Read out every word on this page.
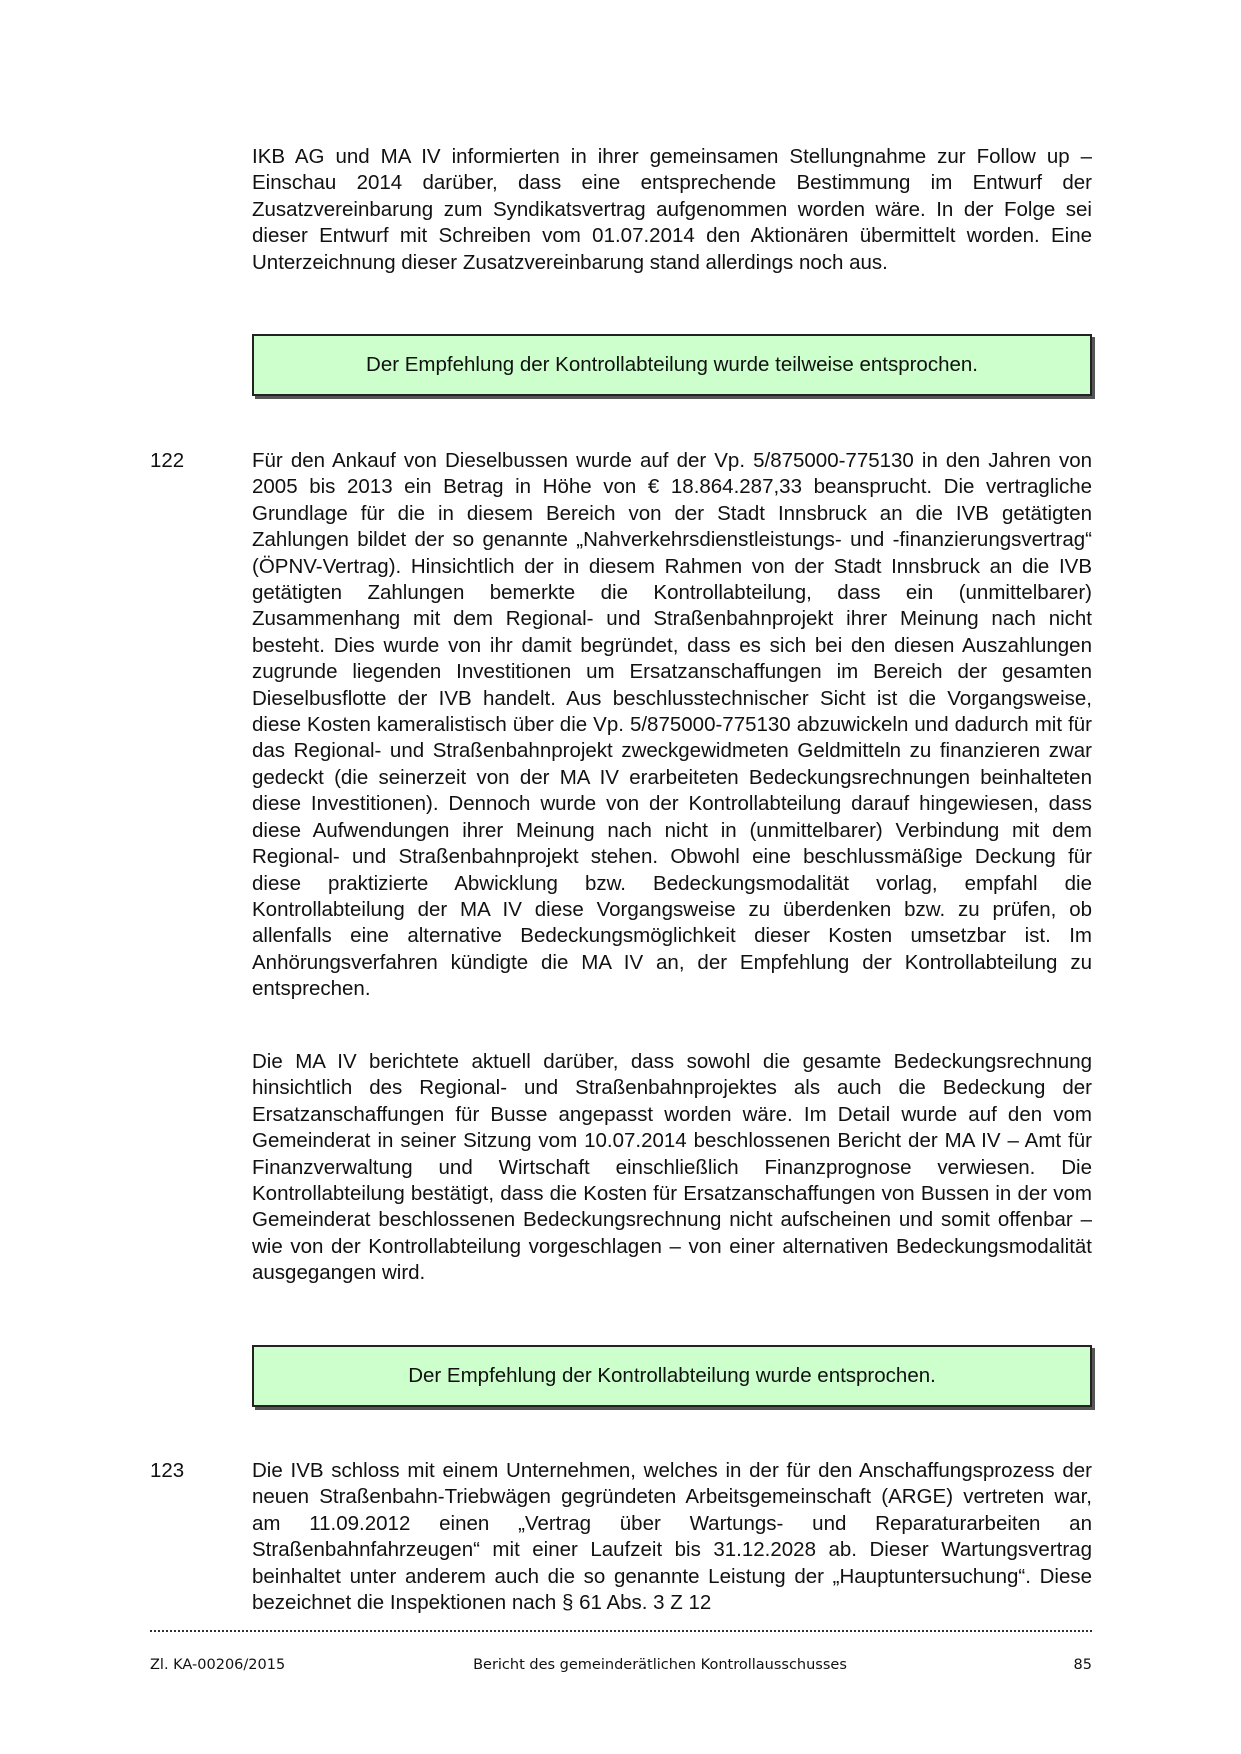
IKB AG und MA IV informierten in ihrer gemeinsamen Stellungnahme zur Follow up – Einschau 2014 darüber, dass eine entsprechende Bestimmung im Entwurf der Zusatzvereinbarung zum Syndikatsvertrag aufgenommen worden wäre. In der Folge sei dieser Entwurf mit Schreiben vom 01.07.2014 den Aktionären übermittelt worden. Eine Unterzeichnung dieser Zusatzvereinbarung stand allerdings noch aus.
Der Empfehlung der Kontrollabteilung wurde teilweise entsprochen.
122	Für den Ankauf von Dieselbussen wurde auf der Vp. 5/875000-775130 in den Jahren von 2005 bis 2013 ein Betrag in Höhe von € 18.864.287,33 beansprucht. Die vertragliche Grundlage für die in diesem Bereich von der Stadt Innsbruck an die IVB getätigten Zahlungen bildet der so genannte „Nahverkehrsdienstleistungs- und -finanzierungsvertrag“ (ÖPNV-Vertrag). Hinsichtlich der in diesem Rahmen von der Stadt Innsbruck an die IVB getätigten Zahlungen bemerkte die Kontrollabteilung, dass ein (unmittelbarer) Zusammenhang mit dem Regional- und Straßenbahnprojekt ihrer Meinung nach nicht besteht. Dies wurde von ihr damit begründet, dass es sich bei den diesen Auszahlungen zugrunde liegenden Investitionen um Ersatzanschaffungen im Bereich der gesamten Dieselbusflotte der IVB handelt. Aus beschlusstechnischer Sicht ist die Vorgangsweise, diese Kosten kameralistisch über die Vp. 5/875000-775130 abzuwickeln und dadurch mit für das Regional- und Straßenbahnprojekt zweckgewidmeten Geldmitteln zu finanzieren zwar gedeckt (die seinerzeit von der MA IV erarbeiteten Bedeckungsrechnungen beinhalteten diese Investitionen). Dennoch wurde von der Kontrollabteilung darauf hingewiesen, dass diese Aufwendungen ihrer Meinung nach nicht in (unmittelbarer) Verbindung mit dem Regional- und Straßenbahnprojekt stehen. Obwohl eine beschlussmäßige Deckung für diese praktizierte Abwicklung bzw. Bedeckungsmodalität vorlag, empfahl die Kontrollabteilung der MA IV diese Vorgangsweise zu überdenken bzw. zu prüfen, ob allenfalls eine alternative Bedeckungsmöglichkeit dieser Kosten umsetzbar ist. Im Anhörungsverfahren kündigte die MA IV an, der Empfehlung der Kontrollabteilung zu entsprechen.
Die MA IV berichtete aktuell darüber, dass sowohl die gesamte Bedeckungsrechnung hinsichtlich des Regional- und Straßenbahnprojektes als auch die Bedeckung der Ersatzanschaffungen für Busse angepasst worden wäre. Im Detail wurde auf den vom Gemeinderat in seiner Sitzung vom 10.07.2014 beschlossenen Bericht der MA IV – Amt für Finanzverwaltung und Wirtschaft einschließlich Finanzprognose verwiesen. Die Kontrollabteilung bestätigt, dass die Kosten für Ersatzanschaffungen von Bussen in der vom Gemeinderat beschlossenen Bedeckungsrechnung nicht aufscheinen und somit offenbar – wie von der Kontrollabteilung vorgeschlagen – von einer alternativen Bedeckungsmodalität ausgegangen wird.
Der Empfehlung der Kontrollabteilung wurde entsprochen.
123	Die IVB schloss mit einem Unternehmen, welches in der für den Anschaffungsprozess der neuen Straßenbahn-Triebwägen gegründeten Arbeitsgemeinschaft (ARGE) vertreten war, am 11.09.2012 einen „Vertrag über Wartungs- und Reparaturarbeiten an Straßenbahnfahrzeugen“ mit einer Laufzeit bis 31.12.2028 ab. Dieser Wartungsvertrag beinhaltet unter anderem auch die so genannte Leistung der „Hauptuntersuchung“. Diese bezeichnet die Inspektionen nach § 61 Abs. 3 Z 12
Zl. KA-00206/2015	Bericht des gemeinderätlichen Kontrollausschusses	85
